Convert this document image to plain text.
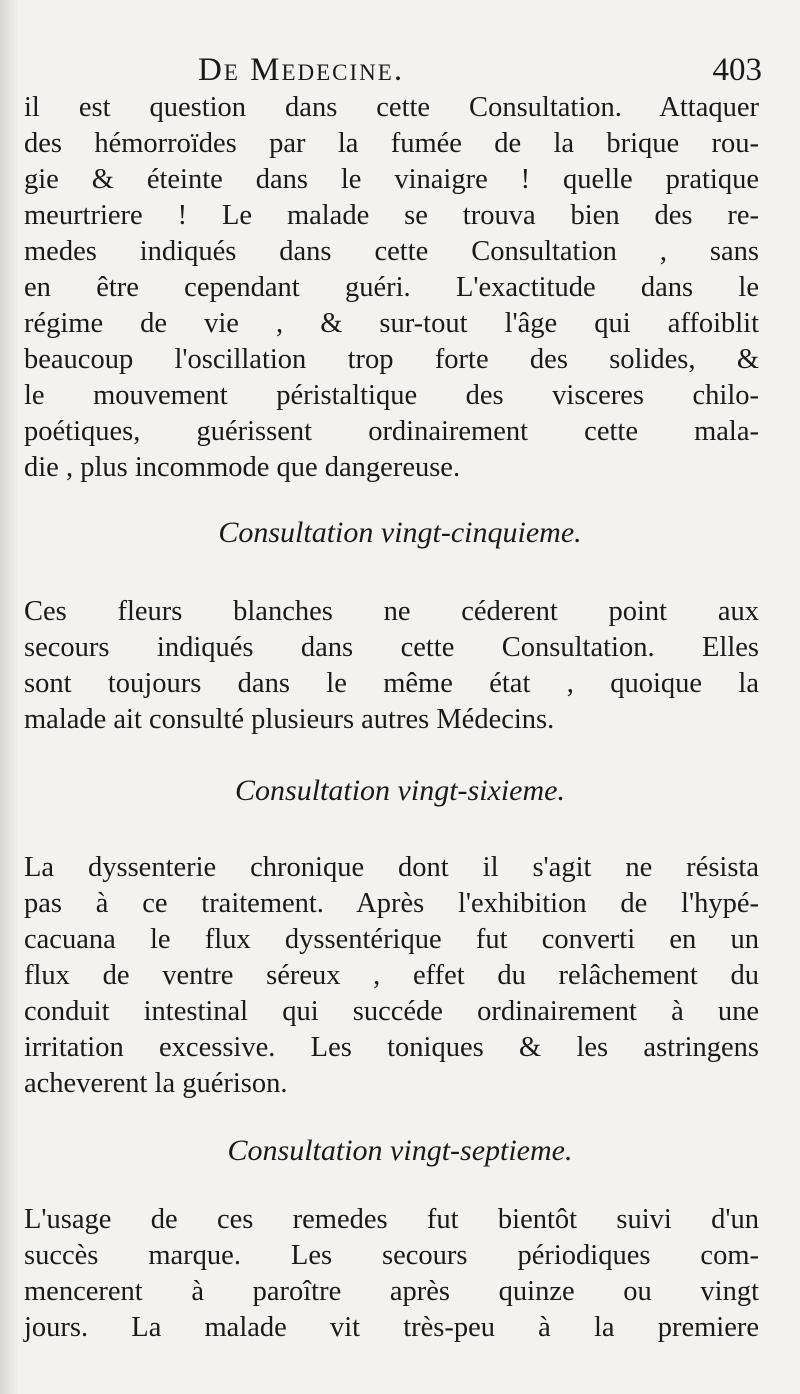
De Medecine.	403
il est question dans cette Consultation. Attaquer
des hémorroïdes par la fumée de la brique rou-
gie & éteinte dans le vinaigre ! quelle pratique
meurtriere ! Le malade se trouva bien des re-
medes indiqués dans cette Consultation , sans
en être cependant guéri. L'exactitude dans le
régime de vie , & sur-tout l'âge qui affoiblit
beaucoup l'oscillation trop forte des solides, &
le mouvement péristaltique des visceres chilo-
poétiques, guérissent ordinairement cette mala-
die , plus incommode que dangereuse.
Consultation vingt-cinquieme.
Ces fleurs blanches ne céderent point aux
secours indiqués dans cette Consultation. Elles
sont toujours dans le même état , quoique la
malade ait consulté plusieurs autres Médecins.
Consultation vingt-sixieme.
La dyssenterie chronique dont il s'agit ne résista
pas à ce traitement. Après l'exhibition de l'hypé-
cacuana le flux dyssentérique fut converti en un
flux de ventre séreux , effet du relâchement du
conduit intestinal qui succéde ordinairement à une
irritation excessive. Les toniques & les astringens
acheverent la guérison.
Consultation vingt-septieme.
L'usage de ces remedes fut bientôt suivi d'un
succès marque. Les secours périodiques com-
mencerent à paroître après quinze ou vingt
jours. La malade vit très-peu à la premiere
